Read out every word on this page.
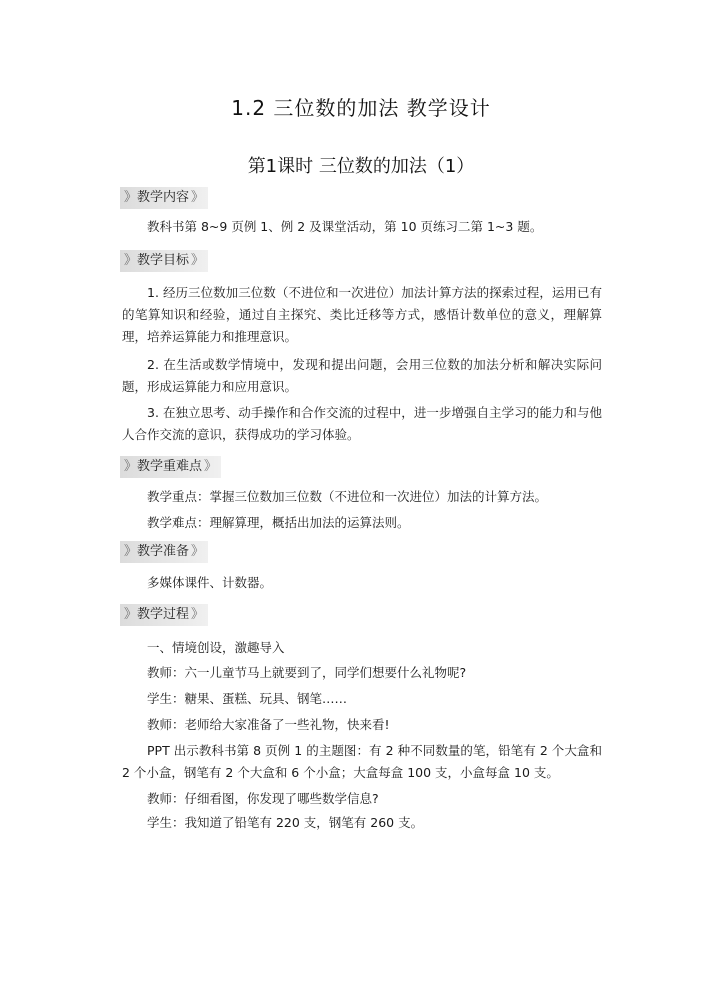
1.2 三位数的加法 教学设计
第1课时 三位数的加法（1）
》 教学内容 》
教科书第 8~9 页例 1、例 2 及课堂活动，第 10 页练习二第 1~3 题。
》 教学目标 》
1. 经历三位数加三位数（不进位和一次进位）加法计算方法的探索过程，运用已有的笔算知识和经验，通过自主探究、类比迁移等方式，感悟计数单位的意义，理解算理，培养运算能力和推理意识。
2. 在生活或数学情境中，发现和提出问题，会用三位数的加法分析和解决实际问题，形成运算能力和应用意识。
3. 在独立思考、动手操作和合作交流的过程中，进一步增强自主学习的能力和与他人合作交流的意识，获得成功的学习体验。
》 教学重难点 》
教学重点：掌握三位数加三位数（不进位和一次进位）加法的计算方法。
教学难点：理解算理，概括出加法的运算法则。
》 教学准备 》
多媒体课件、计数器。
》 教学过程 》
一、情境创设，激趣导入
教师：六一儿童节马上就要到了，同学们想要什么礼物呢?
学生：糖果、蛋糕、玩具、钢笔……
教师：老师给大家准备了一些礼物，快来看!
PPT 出示教科书第 8 页例 1 的主题图：有 2 种不同数量的笔，铅笔有 2 个大盒和 2 个小盒，钢笔有 2 个大盒和 6 个小盒；大盒每盒 100 支，小盒每盒 10 支。
教师：仔细看图，你发现了哪些数学信息?
学生：我知道了铅笔有 220 支，钢笔有 260 支。
